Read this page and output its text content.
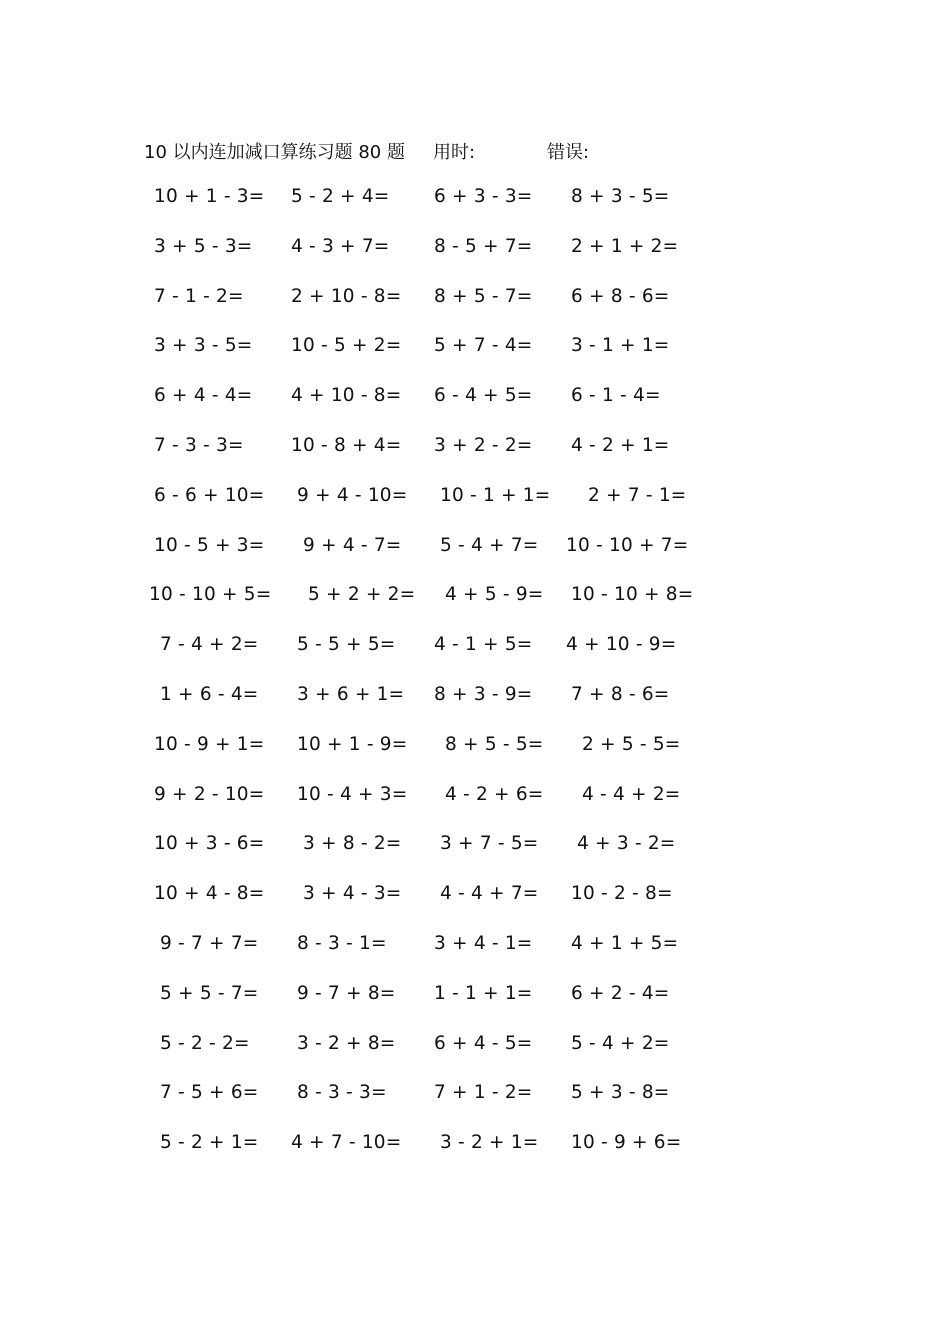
10 以内连加减口算练习题 80 题 用时:	错误:
10 + 1 - 3= 5 - 2 + 4= 6 + 3 - 3= 8 + 3 - 5=
3 + 5 - 3= 4 - 3 + 7= 8 - 5 + 7= 2 + 1 + 2=
7 - 1 - 2=	2 + 10 - 8= 8 + 5 - 7= 6 + 8 - 6=
3 + 3 - 5= 10 - 5 + 2= 5 + 7 - 4= 3 - 1 + 1=
6 + 4 - 4= 4 + 10 - 8= 6 - 4 + 5= 6 - 1 - 4=
7 - 3 - 3=	10 - 8 + 4= 3 + 2 - 2= 4 - 2 + 1=
6 - 6 + 10= 9 + 4 - 10= 10 - 1 + 1= 2 + 7 - 1=
10 - 5 + 3= 9 + 4 - 7= 5 - 4 + 7= 10 - 10 + 7=
10 - 10 + 5= 5 + 2 + 2= 4 + 5 - 9= 10 - 10 + 8=
7 - 4 + 2= 5 - 5 + 5= 4 - 1 + 5= 4 + 10 - 9=
1 + 6 - 4= 3 + 6 + 1= 8 + 3 - 9= 7 + 8 - 6=
10 - 9 + 1= 10 + 1 - 9= 8 + 5 - 5= 2 + 5 - 5=
9 + 2 - 10= 10 - 4 + 3= 4 - 2 + 6= 4 - 4 + 2=
10 + 3 - 6= 3 + 8 - 2= 3 + 7 - 5= 4 + 3 - 2=
10 + 4 - 8= 3 + 4 - 3= 4 - 4 + 7= 10 - 2 - 8=
9 - 7 + 7= 8 - 3 - 1=	3 + 4 - 1= 4 + 1 + 5=
5 + 5 - 7= 9 - 7 + 8= 1 - 1 + 1= 6 + 2 - 4=
5 - 2 - 2=	3 - 2 + 8= 6 + 4 - 5= 5 - 4 + 2=
7 - 5 + 6= 8 - 3 - 3=	7 + 1 - 2= 5 + 3 - 8=
5 - 2 + 1= 4 + 7 - 10= 3 - 2 + 1= 10 - 9 + 6=
